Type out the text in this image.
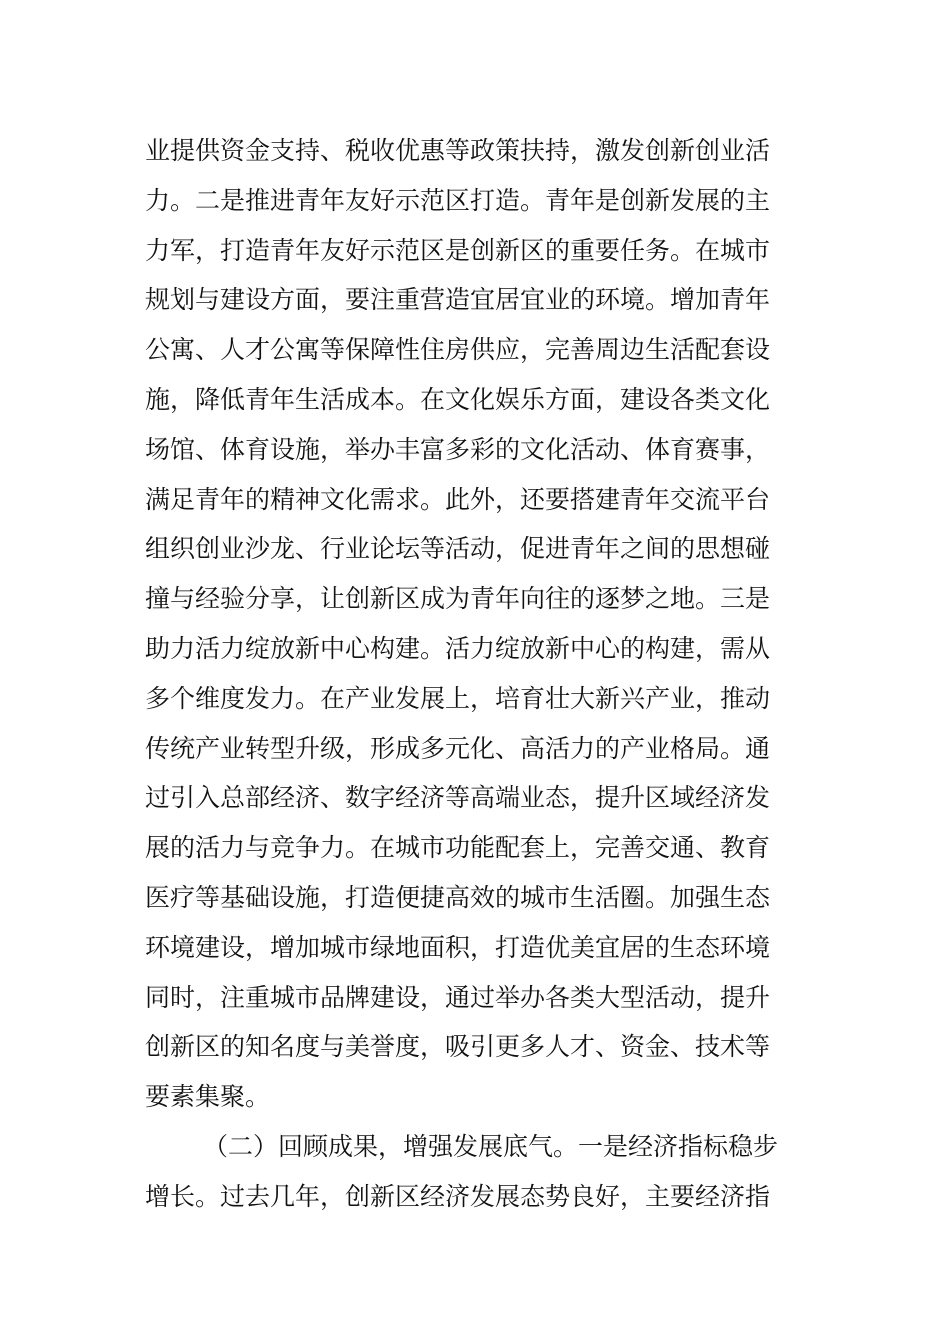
业提供资金支持、税收优惠等政策扶持，激发创新创业活
力。二是推进青年友好示范区打造。青年是创新发展的主
力军，打造青年友好示范区是创新区的重要任务。在城市
规划与建设方面，要注重营造宜居宜业的环境。增加青年
公寓、人才公寓等保障性住房供应，完善周边生活配套设
施，降低青年生活成本。在文化娱乐方面，建设各类文化
场馆、体育设施，举办丰富多彩的文化活动、体育赛事，
满足青年的精神文化需求。此外，还要搭建青年交流平台
组织创业沙龙、行业论坛等活动，促进青年之间的思想碰
撞与经验分享，让创新区成为青年向往的逐梦之地。三是
助力活力绽放新中心构建。活力绽放新中心的构建，需从
多个维度发力。在产业发展上，培育壮大新兴产业，推动
传统产业转型升级，形成多元化、高活力的产业格局。通
过引入总部经济、数字经济等高端业态，提升区域经济发
展的活力与竞争力。在城市功能配套上，完善交通、教育
医疗等基础设施，打造便捷高效的城市生活圈。加强生态
环境建设，增加城市绿地面积，打造优美宜居的生态环境
同时，注重城市品牌建设，通过举办各类大型活动，提升
创新区的知名度与美誉度，吸引更多人才、资金、技术等
要素集聚。
（二）回顾成果，增强发展底气。一是经济指标稳步
增长。过去几年，创新区经济发展态势良好，主要经济指
